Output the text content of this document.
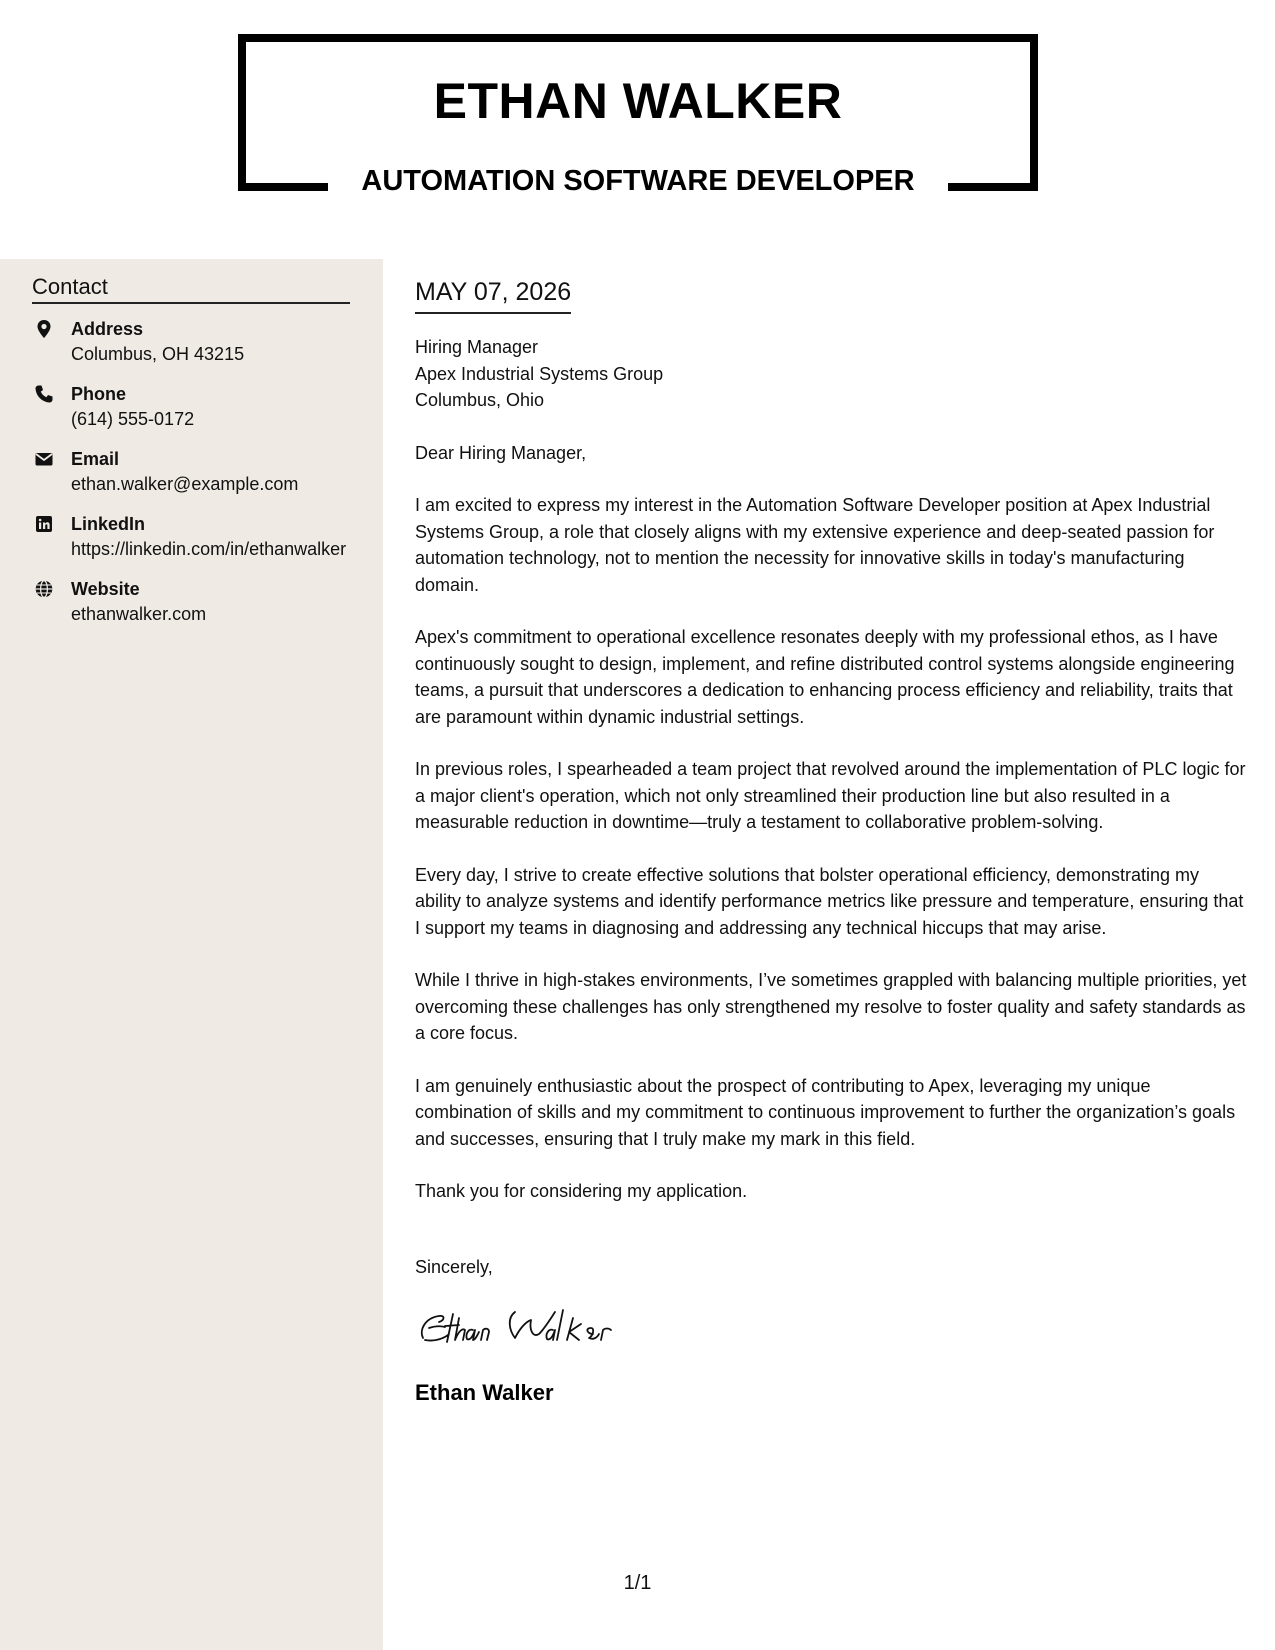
ETHAN WALKER
AUTOMATION SOFTWARE DEVELOPER
Contact
Address
Columbus, OH 43215
Phone
(614) 555-0172
Email
ethan.walker@example.com
LinkedIn
https://linkedin.com/in/ethanwalker
Website
ethanwalker.com
MAY 07, 2026
Hiring Manager
Apex Industrial Systems Group
Columbus, Ohio

Dear Hiring Manager,

I am excited to express my interest in the Automation Software Developer position at Apex Industrial Systems Group, a role that closely aligns with my extensive experience and deep-seated passion for automation technology, not to mention the necessity for innovative skills in today's manufacturing domain.

Apex's commitment to operational excellence resonates deeply with my professional ethos, as I have continuously sought to design, implement, and refine distributed control systems alongside engineering teams, a pursuit that underscores a dedication to enhancing process efficiency and reliability, traits that are paramount within dynamic industrial settings.

In previous roles, I spearheaded a team project that revolved around the implementation of PLC logic for a major client's operation, which not only streamlined their production line but also resulted in a measurable reduction in downtime—truly a testament to collaborative problem-solving.

Every day, I strive to create effective solutions that bolster operational efficiency, demonstrating my ability to analyze systems and identify performance metrics like pressure and temperature, ensuring that I support my teams in diagnosing and addressing any technical hiccups that may arise.

While I thrive in high-stakes environments, I’ve sometimes grappled with balancing multiple priorities, yet overcoming these challenges has only strengthened my resolve to foster quality and safety standards as a core focus.

I am genuinely enthusiastic about the prospect of contributing to Apex, leveraging my unique combination of skills and my commitment to continuous improvement to further the organization’s goals and successes, ensuring that I truly make my mark in this field.

Thank you for considering my application.

Sincerely,
Ethan Walker
1/1
